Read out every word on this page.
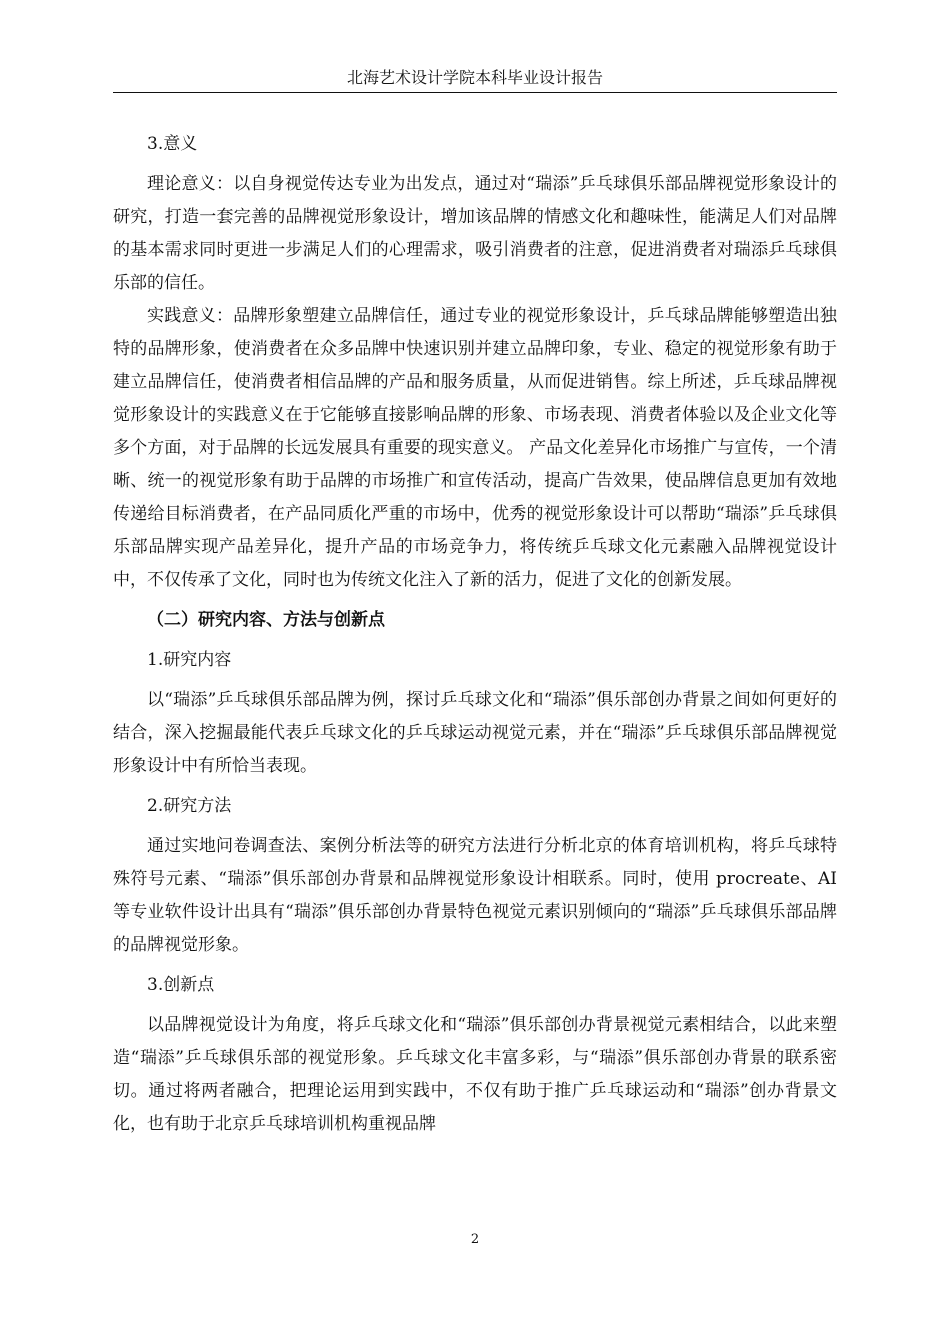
北海艺术设计学院本科毕业设计报告

3.意义

理论意义：以自身视觉传达专业为出发点，通过对“瑞添”乒乓球俱乐部品牌视觉形象设计的研究，打造一套完善的品牌视觉形象设计，增加该品牌的情感文化和趣味性，能满足人们对品牌的基本需求同时更进一步满足人们的心理需求，吸引消费者的注意，促进消费者对瑞添乒乓球俱乐部的信任。

实践意义：品牌形象塑建立品牌信任，通过专业的视觉形象设计，乒乓球品牌能够塑造出独特的品牌形象，使消费者在众多品牌中快速识别并建立品牌印象，专业、稳定的视觉形象有助于建立品牌信任，使消费者相信品牌的产品和服务质量，从而促进销售。综上所述，乒乓球品牌视觉形象设计的实践意义在于它能够直接影响品牌的形象、市场表现、消费者体验以及企业文化等多个方面，对于品牌的长远发展具有重要的现实意义。 产品文化差异化市场推广与宣传，一个清晰、统一的视觉形象有助于品牌的市场推广和宣传活动，提高广告效果，使品牌信息更加有效地传递给目标消费者，在产品同质化严重的市场中，优秀的视觉形象设计可以帮助“瑞添”乒乓球俱乐部品牌实现产品差异化，提升产品的市场竞争力，将传统乒乓球文化元素融入品牌视觉设计中，不仅传承了文化，同时也为传统文化注入了新的活力，促进了文化的创新发展。

（二）研究内容、方法与创新点

1.研究内容

以“瑞添”乒乓球俱乐部品牌为例，探讨乒乓球文化和“瑞添”俱乐部创办背景之间如何更好的结合，深入挖掘最能代表乒乓球文化的乒乓球运动视觉元素，并在“瑞添”乒乓球俱乐部品牌视觉形象设计中有所恰当表现。

2.研究方法

通过实地问卷调查法、案例分析法等的研究方法进行分析北京的体育培训机构，将乒乓球特殊符号元素、“瑞添”俱乐部创办背景和品牌视觉形象设计相联系。同时，使用 procreate、AI 等专业软件设计出具有“瑞添”俱乐部创办背景特色视觉元素识别倾向的“瑞添”乒乓球俱乐部品牌的品牌视觉形象。

3.创新点

以品牌视觉设计为角度，将乒乓球文化和“瑞添”俱乐部创办背景视觉元素相结合，以此来塑造“瑞添”乒乓球俱乐部的视觉形象。乒乓球文化丰富多彩，与“瑞添”俱乐部创办背景的联系密切。通过将两者融合，把理论运用到实践中，不仅有助于推广乒乓球运动和“瑞添”创办背景文化，也有助于北京乒乓球培训机构重视品牌

2
